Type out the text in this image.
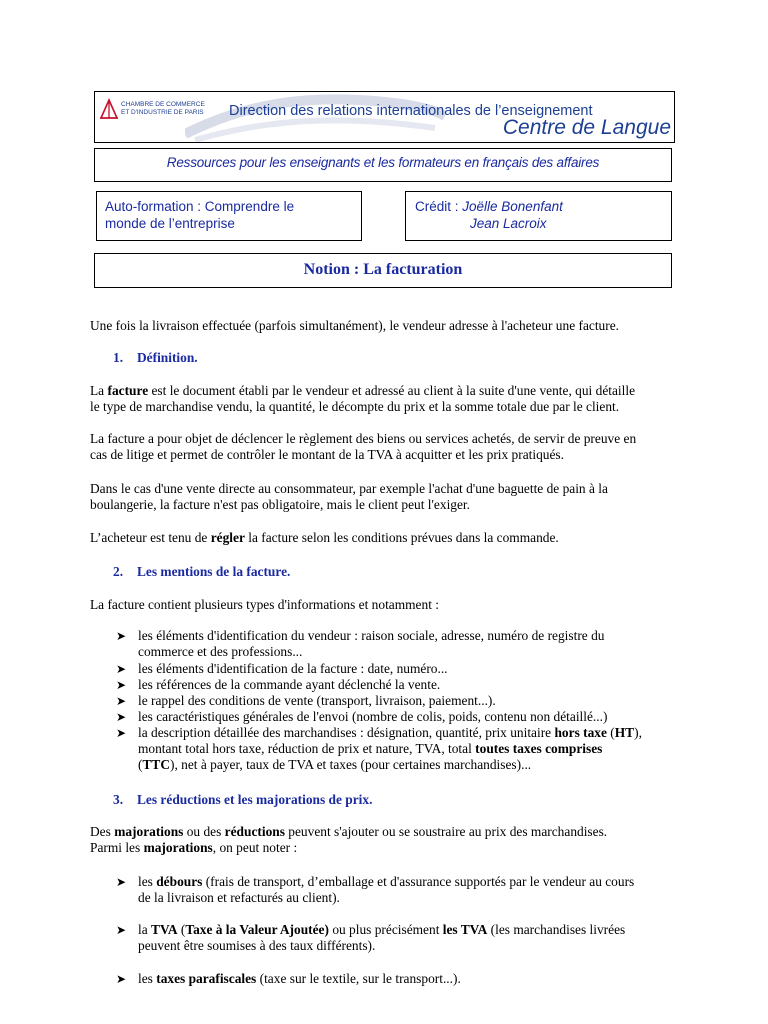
CHAMBRE DE COMMERCE
ET D'INDUSTRIE DE PARIS Direction des relations internationales de l’enseignement
Centre de Langue
Ressources pour les enseignants et les formateurs en français des affaires
Auto-formation : Comprendre le
monde de l’entreprise
Crédit : Joëlle Bonenfant
Jean Lacroix
Notion : La facturation

Une fois la livraison effectuée (parfois simultanément), le vendeur adresse à l'acheteur une facture.

1. Définition.

La facture est le document établi par le vendeur et adressé au client à la suite d'une vente, qui détaille
le type de marchandise vendu, la quantité, le décompte du prix et la somme totale due par le client.

La facture a pour objet de déclencer le règlement des biens ou services achetés, de servir de preuve en
cas de litige et permet de contrôler le montant de la TVA à acquitter et les prix pratiqués.

Dans le cas d'une vente directe au consommateur, par exemple l'achat d'une baguette de pain à la
boulangerie, la facture n'est pas obligatoire, mais le client peut l'exiger.

L’acheteur est tenu de régler la facture selon les conditions prévues dans la commande.

2. Les mentions de la facture.

La facture contient plusieurs types d'informations et notamment :

➤ les éléments d'identification du vendeur : raison sociale, adresse, numéro de registre du
commerce et des professions...
➤ les éléments d'identification de la facture : date, numéro...
➤ les références de la commande ayant déclenché la vente.
➤ le rappel des conditions de vente (transport, livraison, paiement...).
➤ les caractéristiques générales de l'envoi (nombre de colis, poids, contenu non détaillé...)
➤ la description détaillée des marchandises : désignation, quantité, prix unitaire hors taxe (HT),
montant total hors taxe, réduction de prix et nature, TVA, total toutes taxes comprises
(TTC), net à payer, taux de TVA et taxes (pour certaines marchandises)...
3. Les réductions et les majorations de prix.

Des majorations ou des réductions peuvent s'ajouter ou se soustraire au prix des marchandises.
Parmi les majorations, on peut noter :

➤ les débours (frais de transport, d’emballage et d'assurance supportés par le vendeur au cours
de la livraison et refacturés au client).
➤ la TVA (Taxe à la Valeur Ajoutée) ou plus précisément les TVA (les marchandises livrées
peuvent être soumises à des taux différents).
➤ les taxes parafiscales (taxe sur le textile, sur le transport...).
